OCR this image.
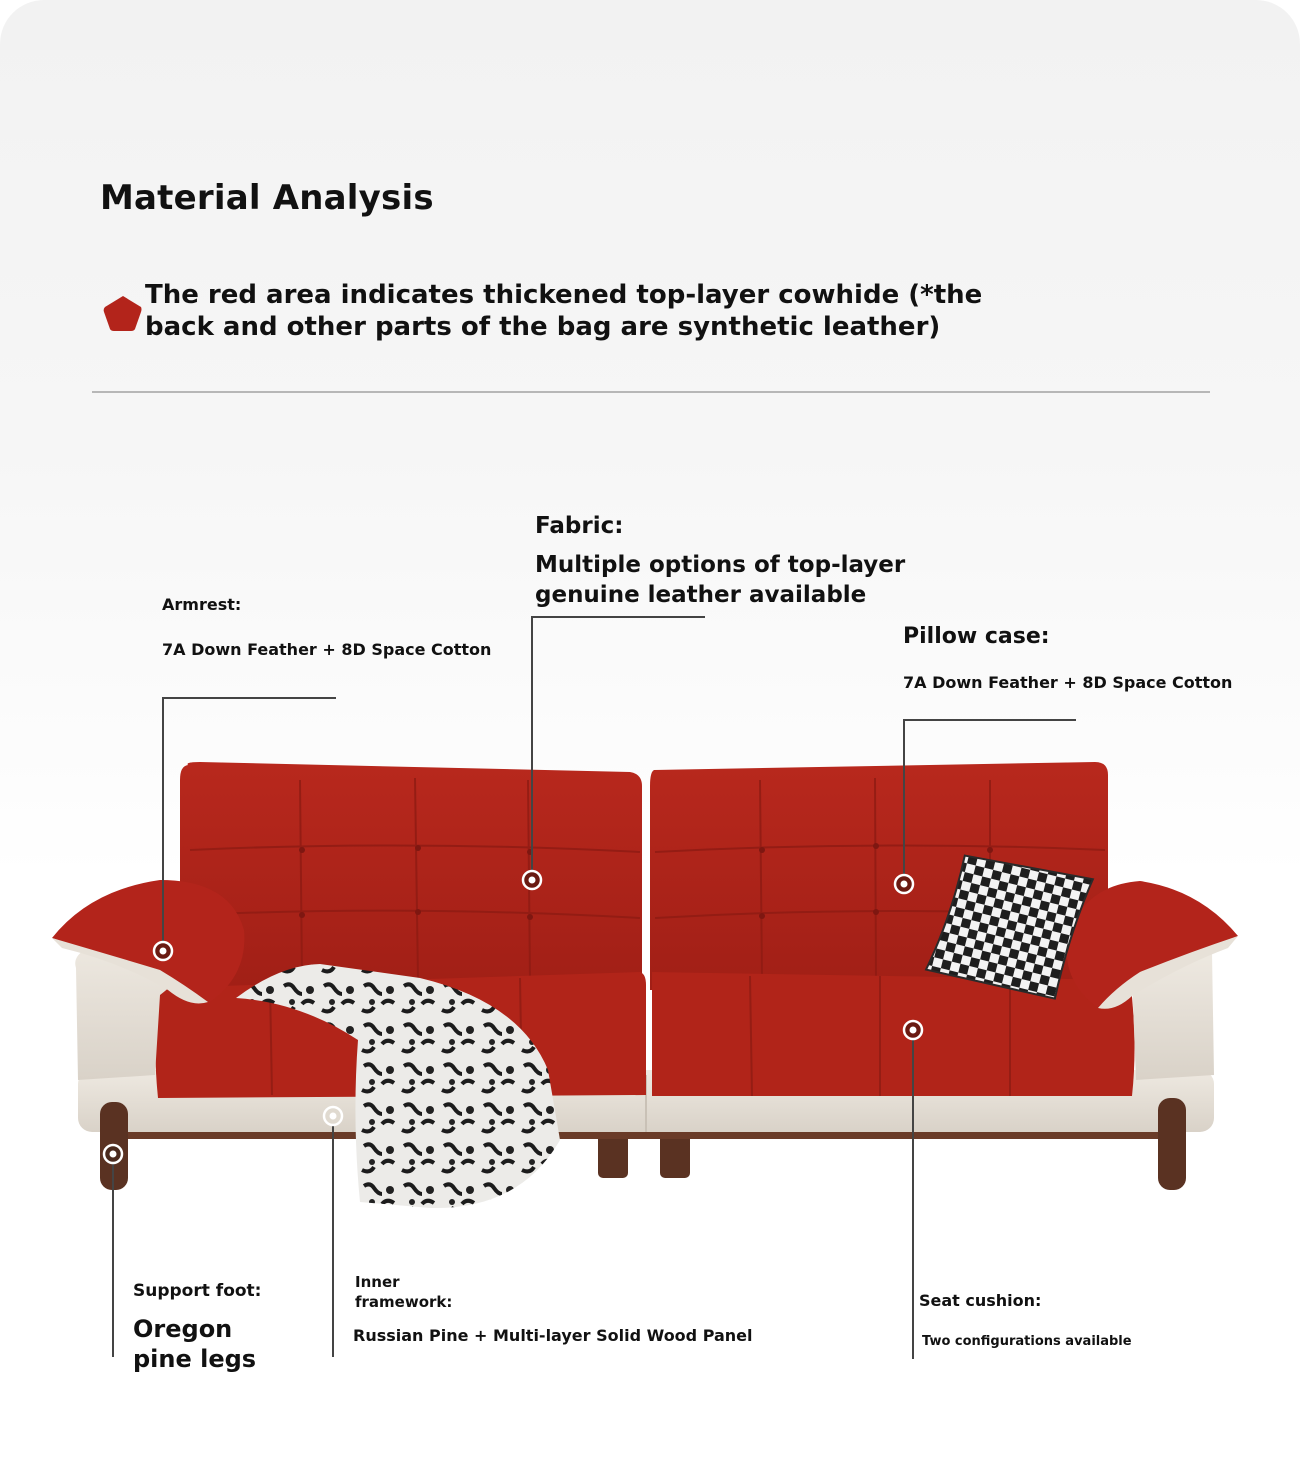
Material Analysis
The red area indicates thickened top-layer cowhide (*the back and other parts of the bag are synthetic leather)
Armrest:
7A Down Feather + 8D Space Cotton
Fabric:
Multiple options of top-layer genuine leather available
Pillow case:
7A Down Feather + 8D Space Cotton
Support foot:
Oregon pine legs
Inner framework:
Russian Pine + Multi-layer Solid Wood Panel
Seat cushion:
Two configurations available
